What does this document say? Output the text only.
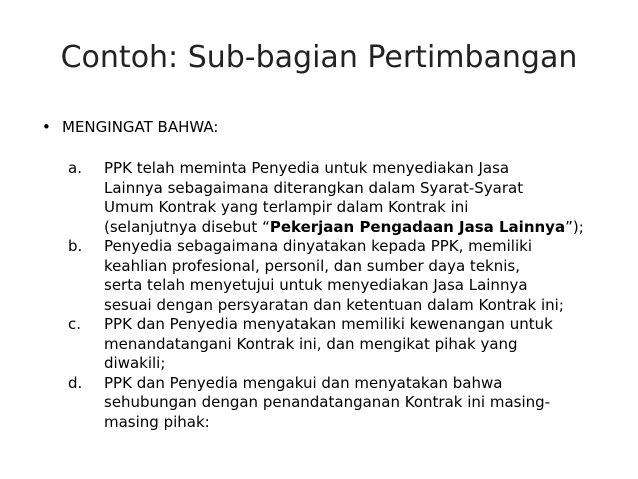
Contoh: Sub-bagian Pertimbangan
• MENGINGAT BAHWA:
a.	PPK telah meminta Penyedia untuk menyediakan Jasa
Lainnya sebagaimana diterangkan dalam Syarat-Syarat
Umum Kontrak yang terlampir dalam Kontrak ini
(selanjutnya disebut “Pekerjaan Pengadaan Jasa Lainnya”);
b.	Penyedia sebagaimana dinyatakan kepada PPK, memiliki
keahlian profesional, personil, dan sumber daya teknis,
serta telah menyetujui untuk menyediakan Jasa Lainnya
sesuai dengan persyaratan dan ketentuan dalam Kontrak ini;
c.	PPK dan Penyedia menyatakan memiliki kewenangan untuk
menandatangani Kontrak ini, dan mengikat pihak yang
diwakili;
d.	PPK dan Penyedia mengakui dan menyatakan bahwa
sehubungan dengan penandatanganan Kontrak ini masing-
masing pihak:
